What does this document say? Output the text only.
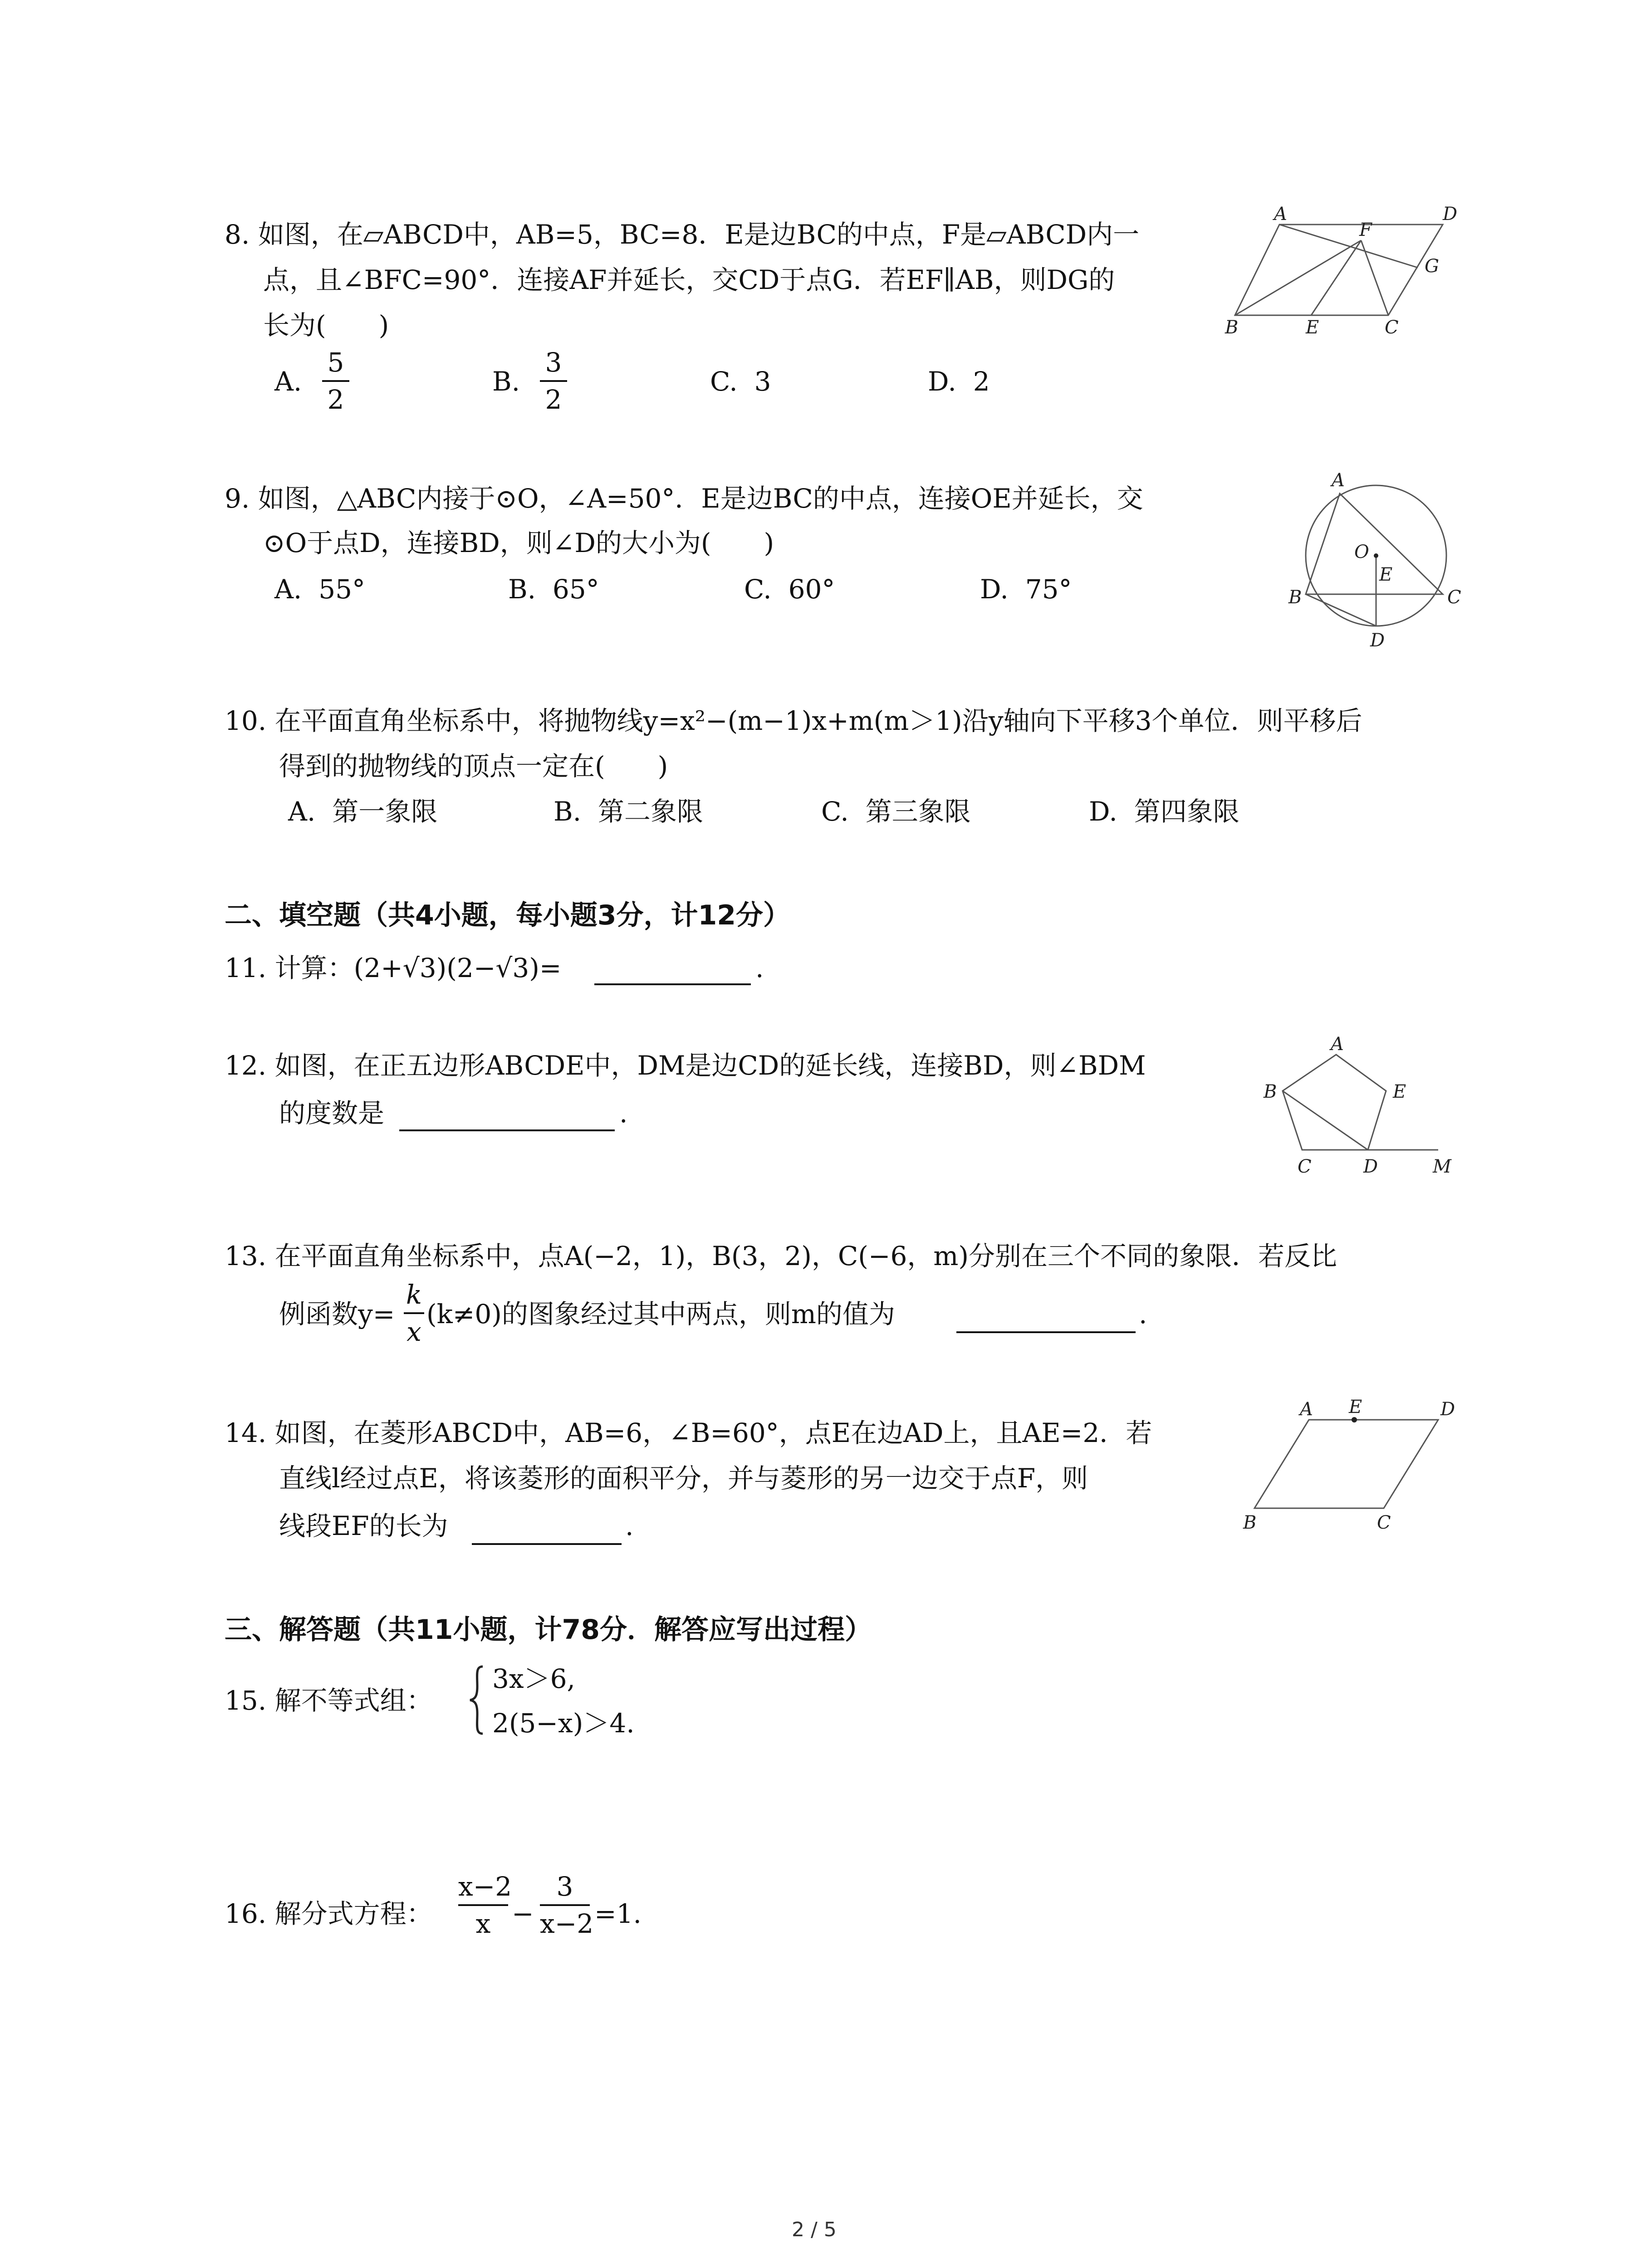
8. 如图，在▱ABCD中，AB=5，BC=8．E是边BC的中点，F是▱ABCD内一
点，且∠BFC=90°．连接AF并延长，交CD于点G．若EF∥AB，则DG的
长为(　　)
A.
5
2
B.
3
2
C.  3	D.  2
A	D
F
G
B	E	C
9. 如图，△ABC内接于⊙O，∠A=50°．E是边BC的中点，连接OE并延长，交
⊙O于点D，连接BD，则∠D的大小为(　　)
A.  55°	B.  65°	C.  60°	D.  75°
A
O
E
B	C
D
10. 在平面直角坐标系中，将抛物线y=x²−(m−1)x+m(m＞1)沿y轴向下平移3个单位．则平移后
得到的抛物线的顶点一定在(　　)
A.  第一象限	B.  第二象限	C.  第三象限	D.  第四象限
二、填空题（共4小题，每小题3分，计12分）
11. 计算：(2+√3)(2−√3)=	.
12. 如图，在正五边形ABCDE中，DM是边CD的延长线，连接BD，则∠BDM
的度数是	.
A
B	E
C	D	M
13. 在平面直角坐标系中，点A(−2，1)，B(3，2)，C(−6，m)分别在三个不同的象限．若反比
例函数y=
k
x
(k≠0)的图象经过其中两点，则m的值为	.
14. 如图，在菱形ABCD中，AB=6，∠B=60°，点E在边AD上，且AE=2．若
直线l经过点E，将该菱形的面积平分，并与菱形的另一边交于点F，则
线段EF的长为	.
A E	D
B	C
三、解答题（共11小题，计78分．解答应写出过程）
15. 解不等式组：
3x＞6,
2(5−x)＞4.
16. 解分式方程：
x−2
x −
3
x−2 =1.
2 / 5
